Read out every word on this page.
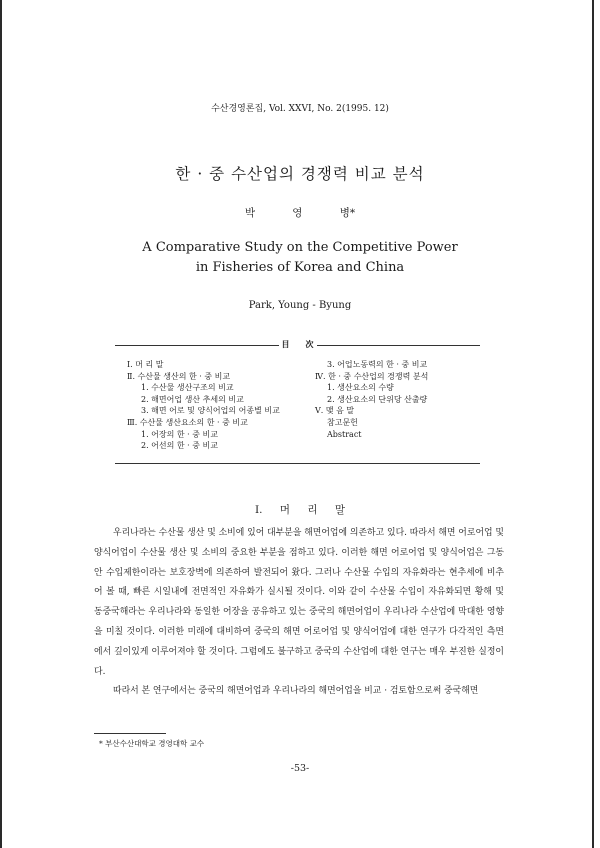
수산경영론집, Vol. XXVI, No. 2(1995. 12)
한 · 중 수산업의 경쟁력 비교 분석
박 영 병*
A Comparative Study on the Competitive Power
in Fisheries of Korea and China
Park, Young - Byung
目　　次
Ⅰ. 머 리 말
Ⅱ. 수산물 생산의 한 · 중 비교
1. 수산물 생산구조의 비교
2. 해면어업 생산 추세의 비교
3. 해면 어로 및 양식어업의 어종별 비교
Ⅲ. 수산물 생산요소의 한 · 중 비교
1. 어장의 한 · 중 비교
2. 어선의 한 · 중 비교
3. 어업노동력의 한 · 중 비교
Ⅳ. 한 · 중 수산업의 경쟁력 분석
1. 생산요소의 수량
2. 생산요소의 단위당 산출량
Ⅴ. 맺 음 말
참고문헌
Abstract
Ⅰ. 머 리 말

우리나라는 수산물 생산 및 소비에 있어 대부분을 해면어업에 의존하고 있다. 따라서 해면 어로어업 및 양식어업이 수산물 생산 및 소비의 중요한 부분을 점하고 있다. 이러한 해면 어로어업 및 양식어업은 그동안 수입제한이라는 보호장벽에 의존하여 발전되어 왔다. 그러나 수산물 수입의 자유화라는 현추세에 비추어 볼 때, 빠른 시일내에 전면적인 자유화가 실시될 것이다. 이와 같이 수산물 수입이 자유화되면 황해 및 동중국해라는 우리나라와 동일한 어장을 공유하고 있는 중국의 해면어업이 우리나라 수산업에 막대한 영향을 미칠 것이다. 이러한 미래에 대비하여 중국의 해면 어로어업 및 양식어업에 대한 연구가 다각적인 측면에서 깊이있게 이루어져야 할 것이다. 그럼에도 불구하고 중국의 수산업에 대한 연구는 매우 부진한 실정이다.

따라서 본 연구에서는 중국의 해면어업과 우리나라의 해면어업을 비교 · 검토함으로써 중국해면

* 부산수산대학교 경영대학 교수
-53-
